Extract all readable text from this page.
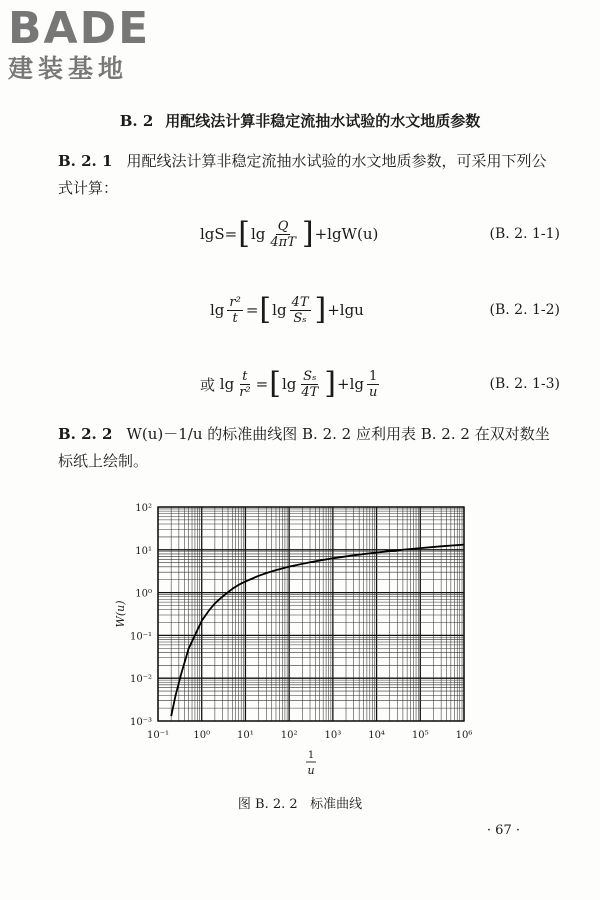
BADE
建装基地
B. 2 用配线法计算非稳定流抽水试验的水文地质参数
B. 2. 1 用配线法计算非稳定流抽水试验的水文地质参数，可采用下列公式计算：
lgS= [ $\lg \frac{Q}{4\pi T}$ ] +lgW(u)	(B. 2. 1-1)
$\lg \frac{\text{r²}}{t}$ = [ $\lg \frac{4T}{\text{Sₛ}}$ ] +lgu	(B. 2. 1-2)
或
$\lg \frac{t}{\text{r²}}$ = [ $\lg \frac{\text{Sₛ}}{4T}$ ] $+\lg \frac{1}{u}$	(B. 2. 1-3)
B. 2. 2 W(u)－1/u 的标准曲线图 B. 2. 2 应利用表 B. 2. 2 在双对数坐标纸上绘制。
10⁻³
10⁻²
10⁻¹
10⁰
10¹
10²
10⁻¹ 10⁰	10¹	10²	10³	10⁴	10⁵	10⁶
W(u)
1
u
图 B. 2. 2 标准曲线
· 67 ·
